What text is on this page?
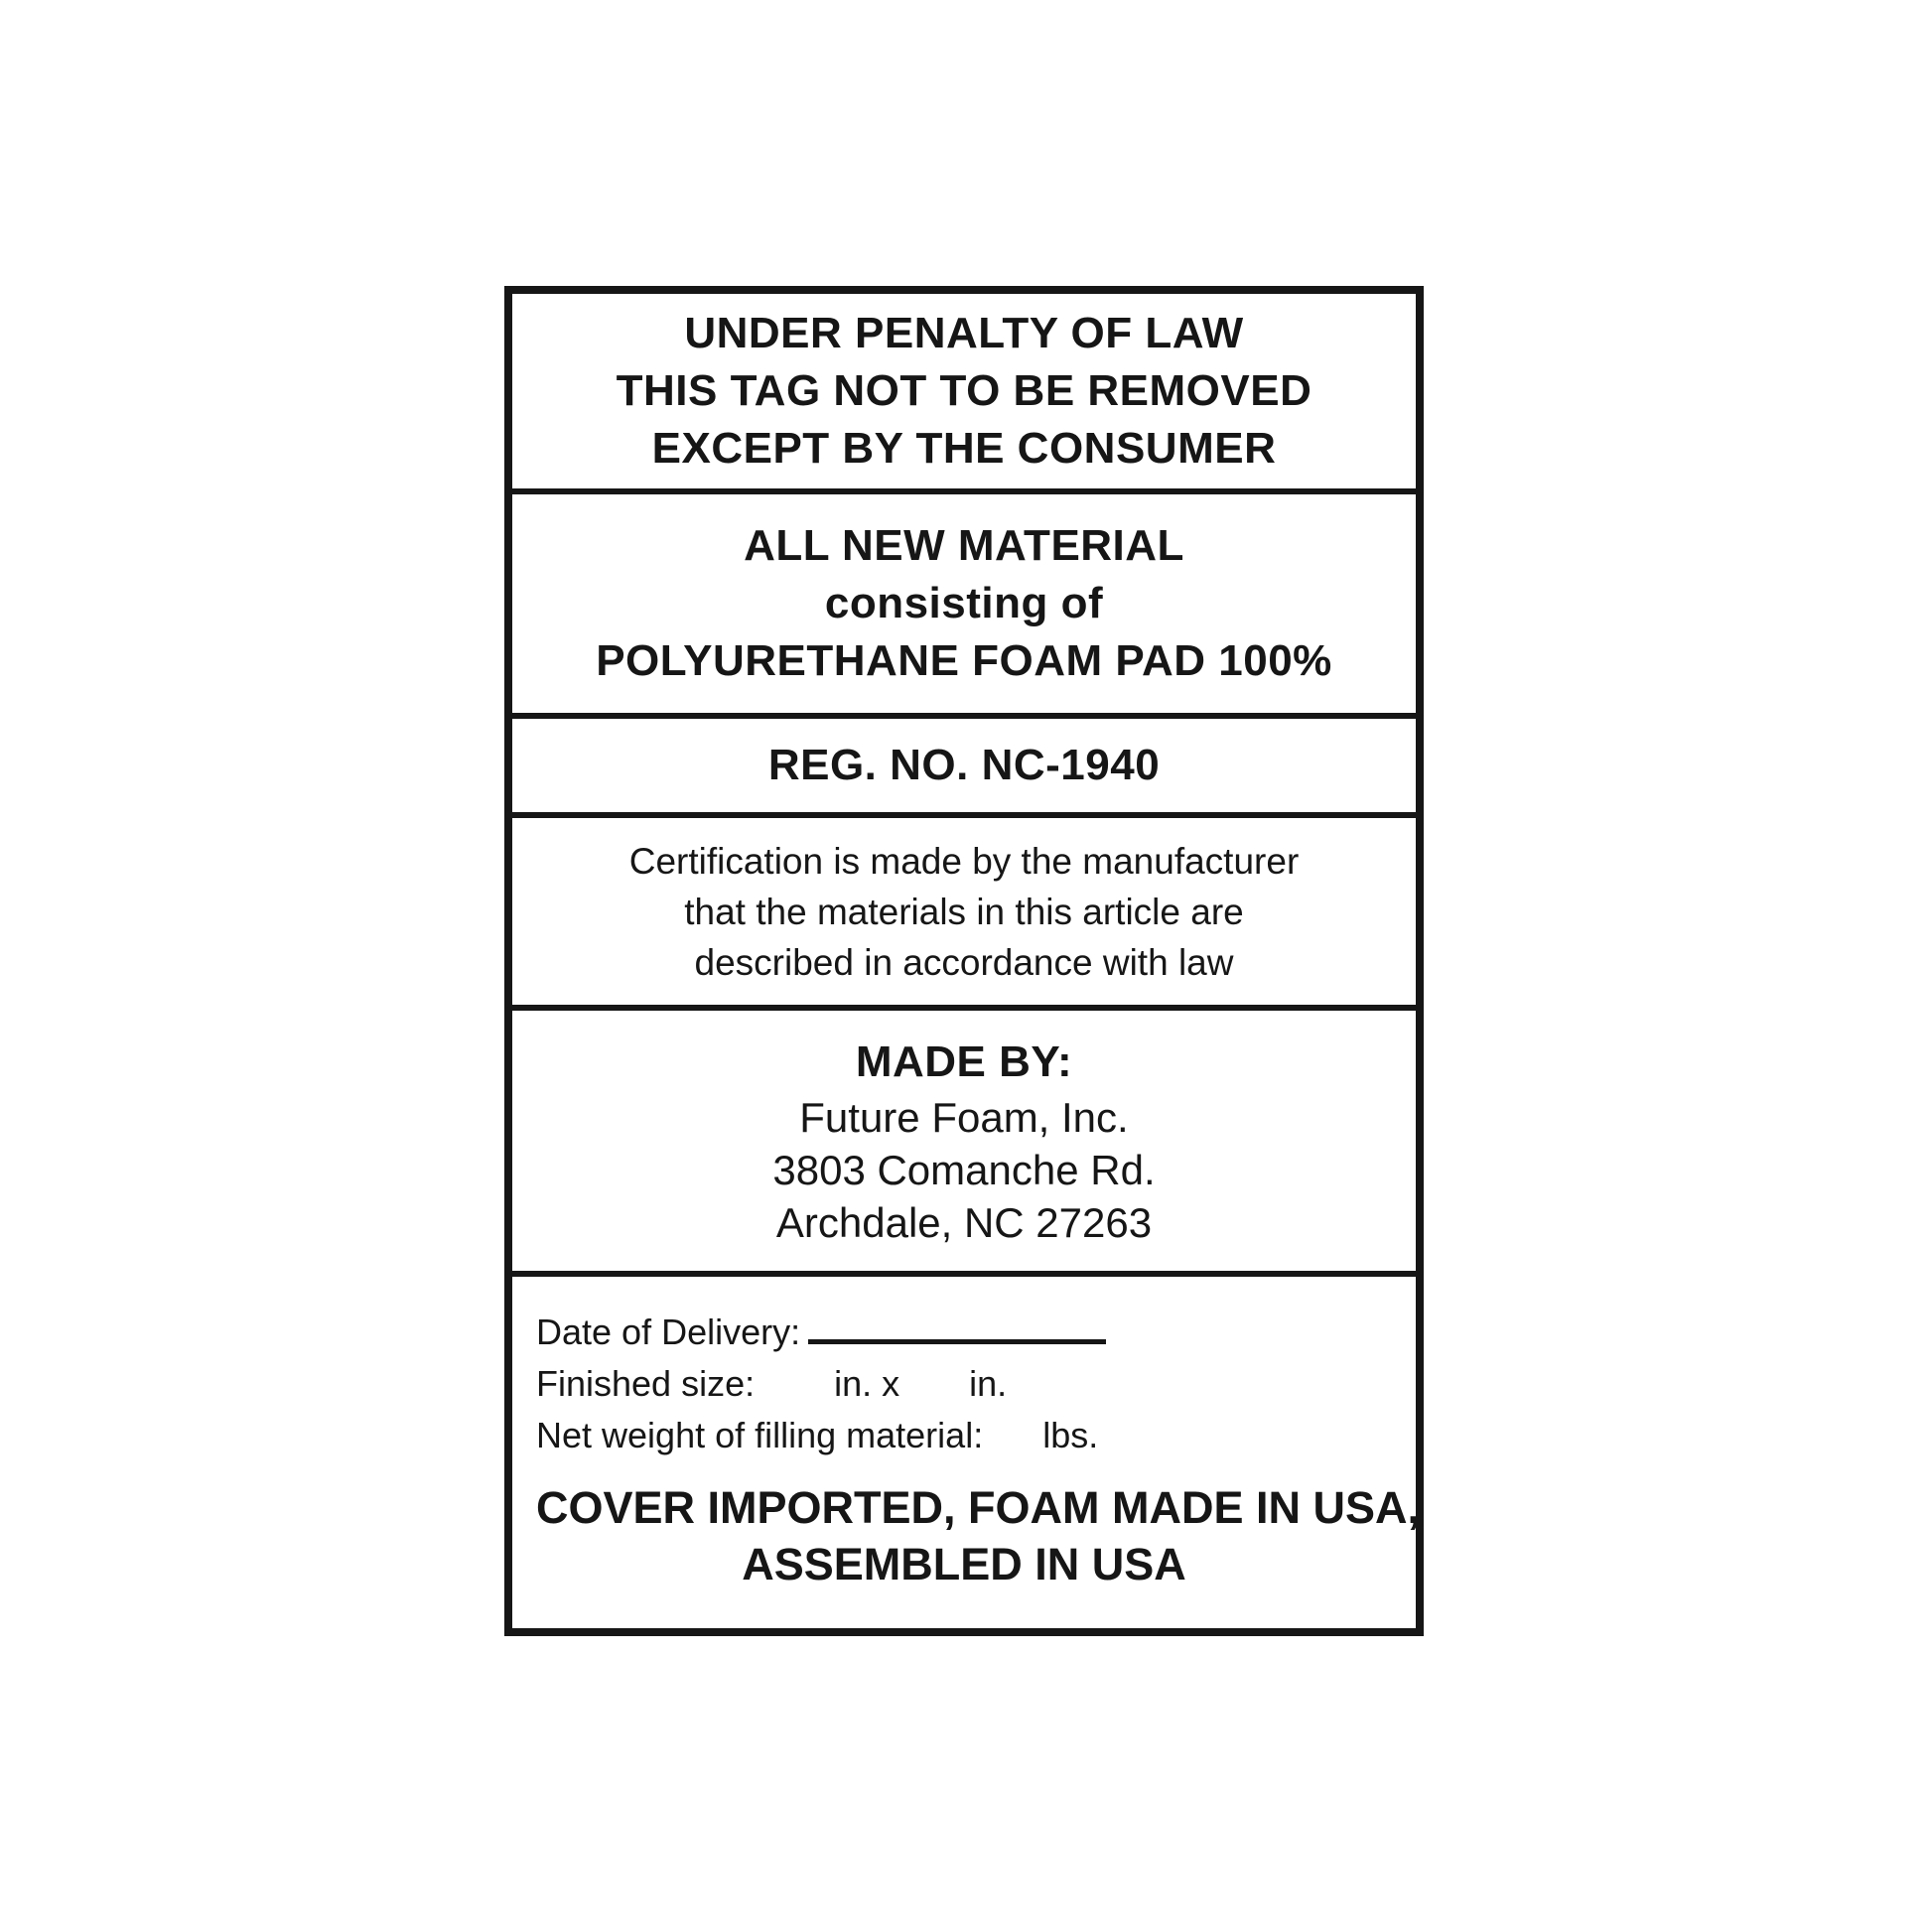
UNDER PENALTY OF LAW
THIS TAG NOT TO BE REMOVED
EXCEPT BY THE CONSUMER
ALL NEW MATERIAL
consisting of
POLYURETHANE FOAM PAD 100%
REG. NO. NC-1940
Certification is made by the manufacturer
that the materials in this article are
described in accordance with law
MADE BY:
Future Foam, Inc.
3803 Comanche Rd.
Archdale, NC 27263
Date of Delivery:
Finished size:        in. x       in.
Net weight of filling material:      lbs.
COVER IMPORTED, FOAM MADE IN USA,
ASSEMBLED IN USA
